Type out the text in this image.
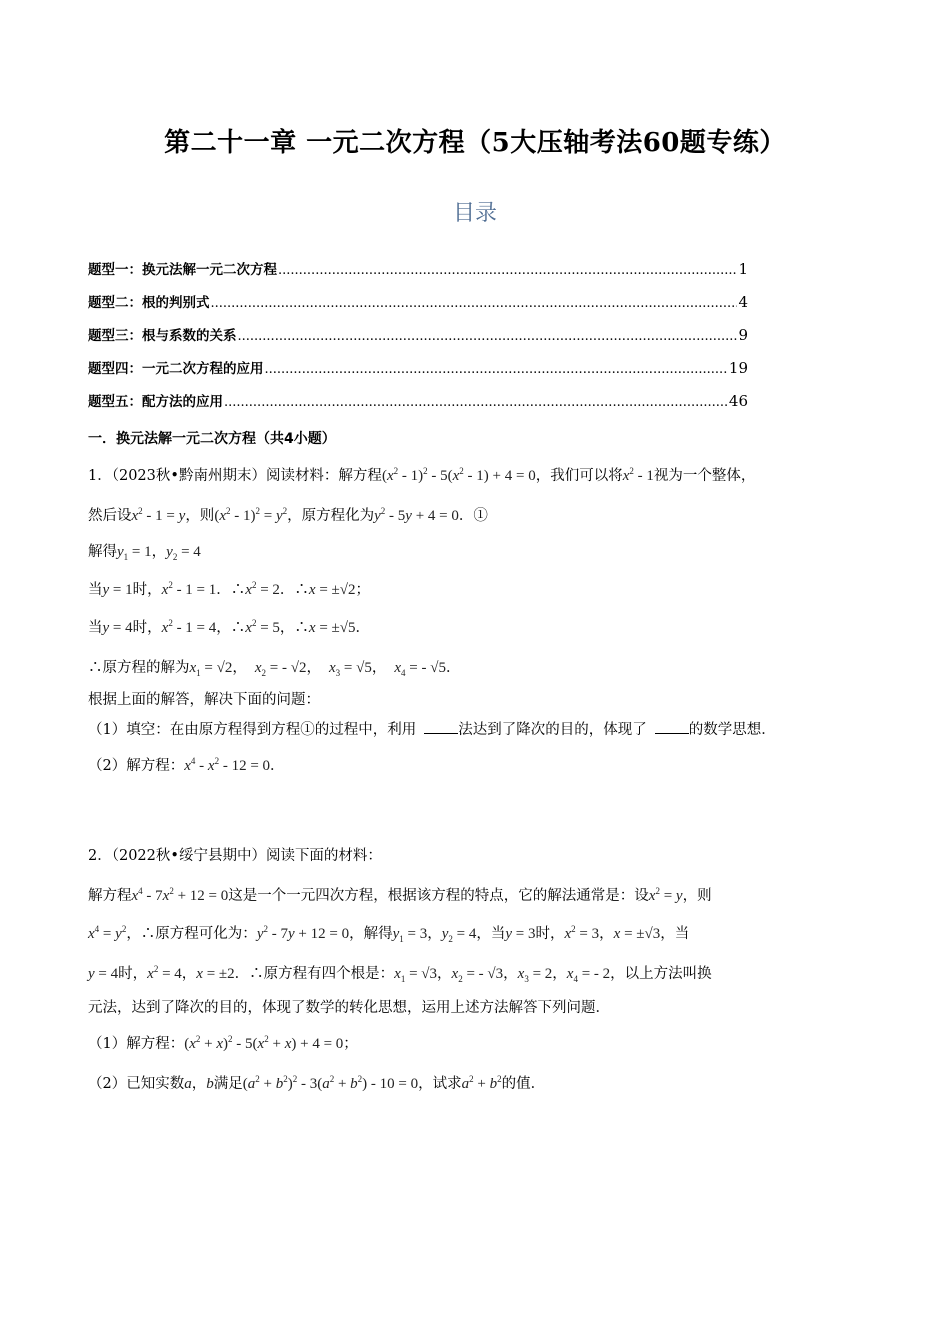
第二十一章 一元二次方程（5大压轴考法60题专练）
目录
题型一：换元法解一元二次方程 .....	1
题型二：根的判别式 .....	4
题型三：根与系数的关系 .....	9
题型四：一元二次方程的应用 .....	19
题型五：配方法的应用 .....	46
一．换元法解一元二次方程（共4小题）
1．（2023秋•黔南州期末）阅读材料：解方程$(x^2 - 1)^2 - 5(x^2 - 1) + 4 = 0$，我们可以将$x^2 - 1$视为一个整体，
然后设$x^2 - 1 = y$，则$(x^2 - 1)^2 = y^2$，原方程化为$y^2 - 5y + 4 = 0$．①
解得$y_1 = 1$，$y_2 = 4$
当y = 1时，$x^2 - 1 = 1$．$\therefore x^2 = 2$．∴x = ±√2；
当y = 4时，$x^2 - 1 = 4$，$\therefore x^2 = 5$，∴x = ±√5．
∴原方程的解为$x_1 = √2$， $x_2$ = - √2， $x_3 = √5$， $x_4$ = - √5．
根据上面的解答，解决下面的问题：
（1）填空：在由原方程得到方程①的过程中，利用	法达到了降次的目的，体现了	的数学思想．
（2）解方程：$x^4 - x^2 - 12 = 0$．
2．（2022秋•绥宁县期中）阅读下面的材料：
解方程$x^4 - 7x^2 + 12 = 0$这是一个一元四次方程，根据该方程的特点，它的解法通常是：设$x^2 = y$，则
$x^4 = y^2$，∴原方程可化为：$y^2 - 7y + 12 = 0$，解得$y_1 = 3$，$y_2 = 4$，当y = 3时，$x^2 = 3$，x = ±√3，当
y = 4时，$x^2 = 4$，x = ±2．∴原方程有四个根是：$x_1 = √3$，$x_2$ = - √3，$x_3 = 2$，$x_4$ = - 2，以上方法叫换
元法，达到了降次的目的，体现了数学的转化思想，运用上述方法解答下列问题．
（1）解方程：$(x^2 + x)^2 - 5(x^2 + x) + 4 = 0$；
（2）已知实数a，b满足$(a^2 + b^2)^2 - 3(a^2 + b^2) - 10 = 0$，试求$a^2 + b^2$的值．
